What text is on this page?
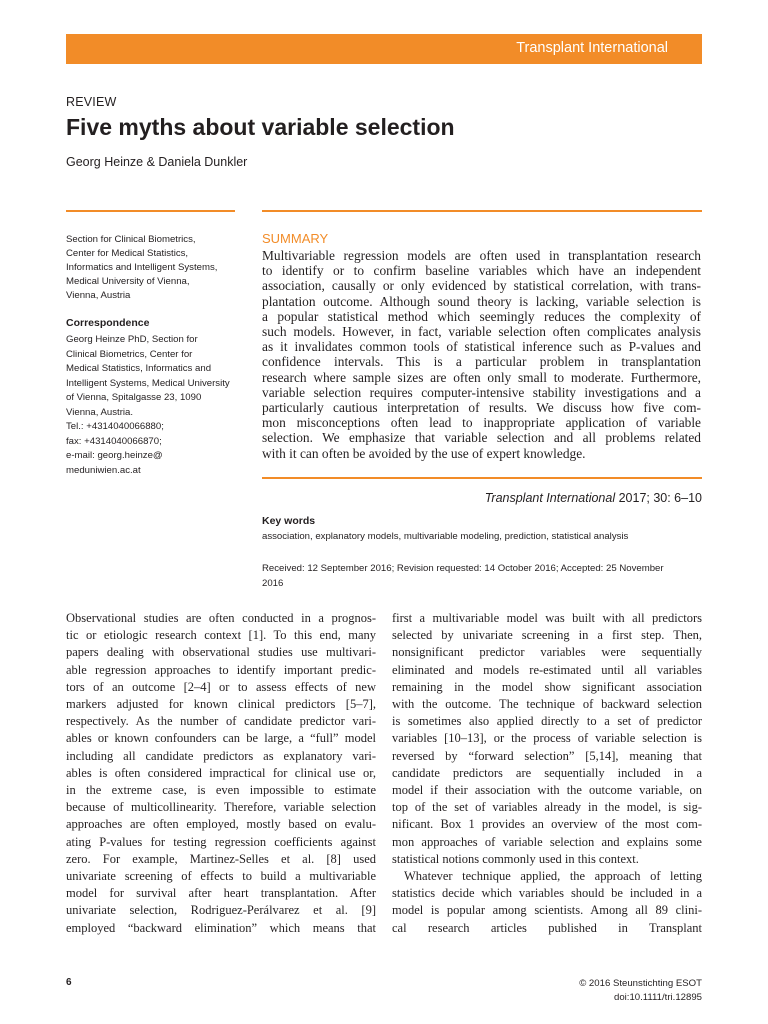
Transplant International
REVIEW
Five myths about variable selection
Georg Heinze & Daniela Dunkler
Section for Clinical Biometrics,
Center for Medical Statistics,
Informatics and Intelligent Systems,
Medical University of Vienna,
Vienna, Austria
Correspondence
Georg Heinze PhD, Section for
Clinical Biometrics, Center for
Medical Statistics, Informatics and
Intelligent Systems, Medical University
of Vienna, Spitalgasse 23, 1090
Vienna, Austria.
Tel.: +4314040066880;
fax: +4314040066870;
e-mail: georg.heinze@
meduniwien.ac.at
SUMMARY
Multivariable regression models are often used in transplantation research
to identify or to confirm baseline variables which have an independent
association, causally or only evidenced by statistical correlation, with trans-
plantation outcome. Although sound theory is lacking, variable selection is
a popular statistical method which seemingly reduces the complexity of
such models. However, in fact, variable selection often complicates analysis
as it invalidates common tools of statistical inference such as P-values and
confidence intervals. This is a particular problem in transplantation
research where sample sizes are often only small to moderate. Furthermore,
variable selection requires computer-intensive stability investigations and a
particularly cautious interpretation of results. We discuss how five com-
mon misconceptions often lead to inappropriate application of variable
selection. We emphasize that variable selection and all problems related
with it can often be avoided by the use of expert knowledge.
Transplant International 2017; 30: 6–10
Key words
association, explanatory models, multivariable modeling, prediction, statistical analysis
Received: 12 September 2016; Revision requested: 14 October 2016; Accepted: 25 November
2016
Observational studies are often conducted in a prognos-
tic or etiologic research context [1]. To this end, many
papers dealing with observational studies use multivari-
able regression approaches to identify important predic-
tors of an outcome [2–4] or to assess effects of new
markers adjusted for known clinical predictors [5–7],
respectively. As the number of candidate predictor vari-
ables or known confounders can be large, a “full” model
including all candidate predictors as explanatory vari-
ables is often considered impractical for clinical use or,
in the extreme case, is even impossible to estimate
because of multicollinearity. Therefore, variable selection
approaches are often employed, mostly based on evalu-
ating P-values for testing regression coefficients against
zero. For example, Martinez-Selles et al. [8] used
univariate screening of effects to build a multivariable
model for survival after heart transplantation. After
univariate selection, Rodriguez-Perálvarez et al. [9]
employed “backward elimination” which means that
first a multivariable model was built with all predictors
selected by univariate screening in a first step. Then,
nonsignificant predictor variables were sequentially
eliminated and models re-estimated until all variables
remaining in the model show significant association
with the outcome. The technique of backward selection
is sometimes also applied directly to a set of predictor
variables [10–13], or the process of variable selection is
reversed by “forward selection” [5,14], meaning that
candidate predictors are sequentially included in a
model if their association with the outcome variable, on
top of the set of variables already in the model, is sig-
nificant. Box 1 provides an overview of the most com-
mon approaches of variable selection and explains some
statistical notions commonly used in this context.
Whatever technique applied, the approach of letting
statistics decide which variables should be included in a
model is popular among scientists. Among all 89 clini-
cal research articles published in Transplant
6	© 2016 Steunstichting ESOT
doi:10.1111/tri.12895
